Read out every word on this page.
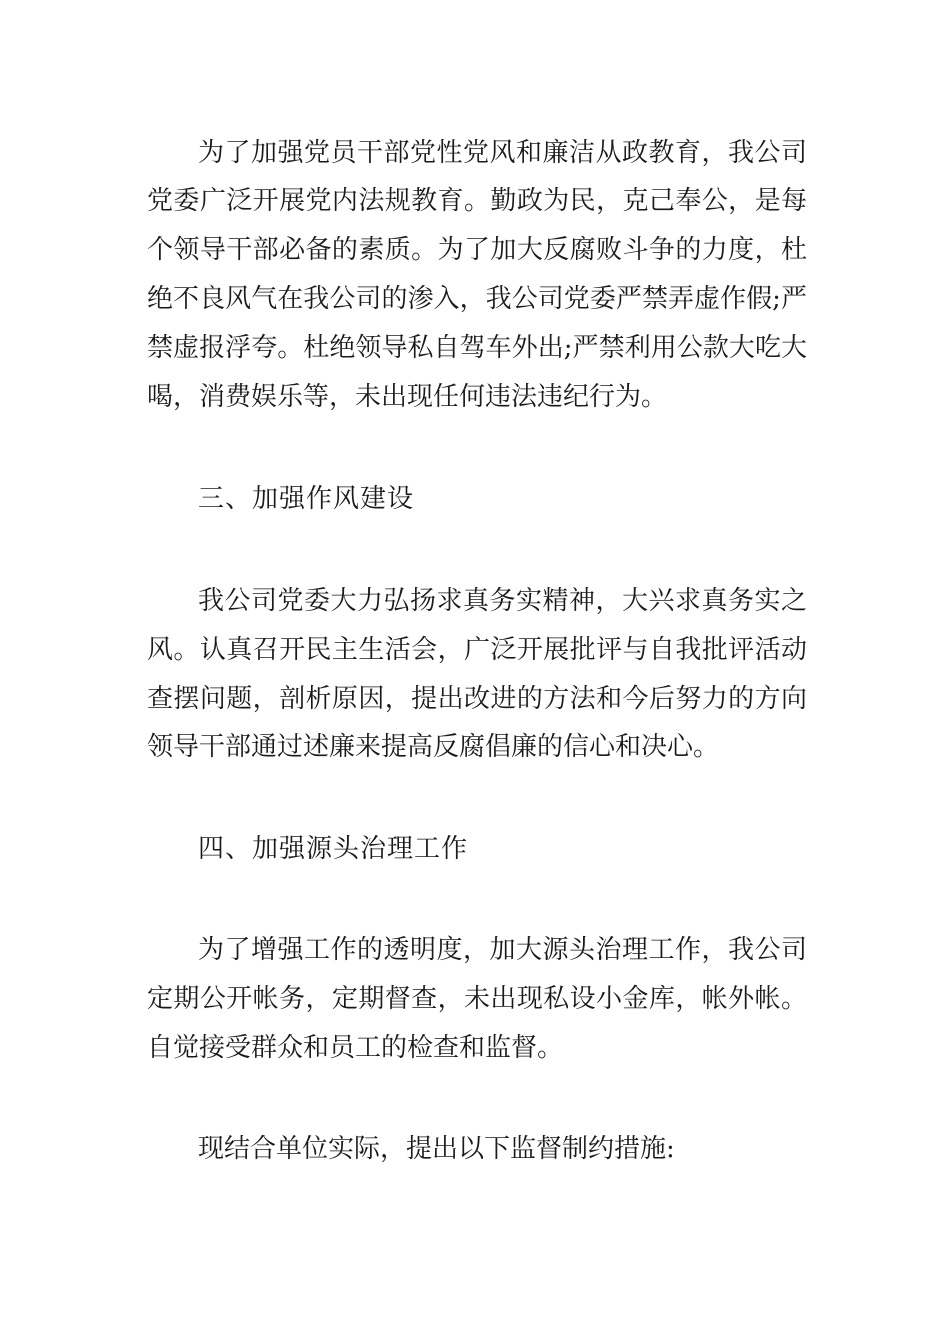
为了加强党员干部党性党风和廉洁从政教育，我公司
党委广泛开展党内法规教育。勤政为民，克己奉公，是每
个领导干部必备的素质。为了加大反腐败斗争的力度，杜
绝不良风气在我公司的渗入，我公司党委严禁弄虚作假;严
禁虚报浮夸。杜绝领导私自驾车外出;严禁利用公款大吃大
喝，消费娱乐等，未出现任何违法违纪行为。
三、加强作风建设
我公司党委大力弘扬求真务实精神，大兴求真务实之
风。认真召开民主生活会，广泛开展批评与自我批评活动
查摆问题，剖析原因，提出改进的方法和今后努力的方向
领导干部通过述廉来提高反腐倡廉的信心和决心。
四、加强源头治理工作
为了增强工作的透明度，加大源头治理工作，我公司
定期公开帐务，定期督查，未出现私设小金库，帐外帐。
自觉接受群众和员工的检查和监督。
现结合单位实际，提出以下监督制约措施:
